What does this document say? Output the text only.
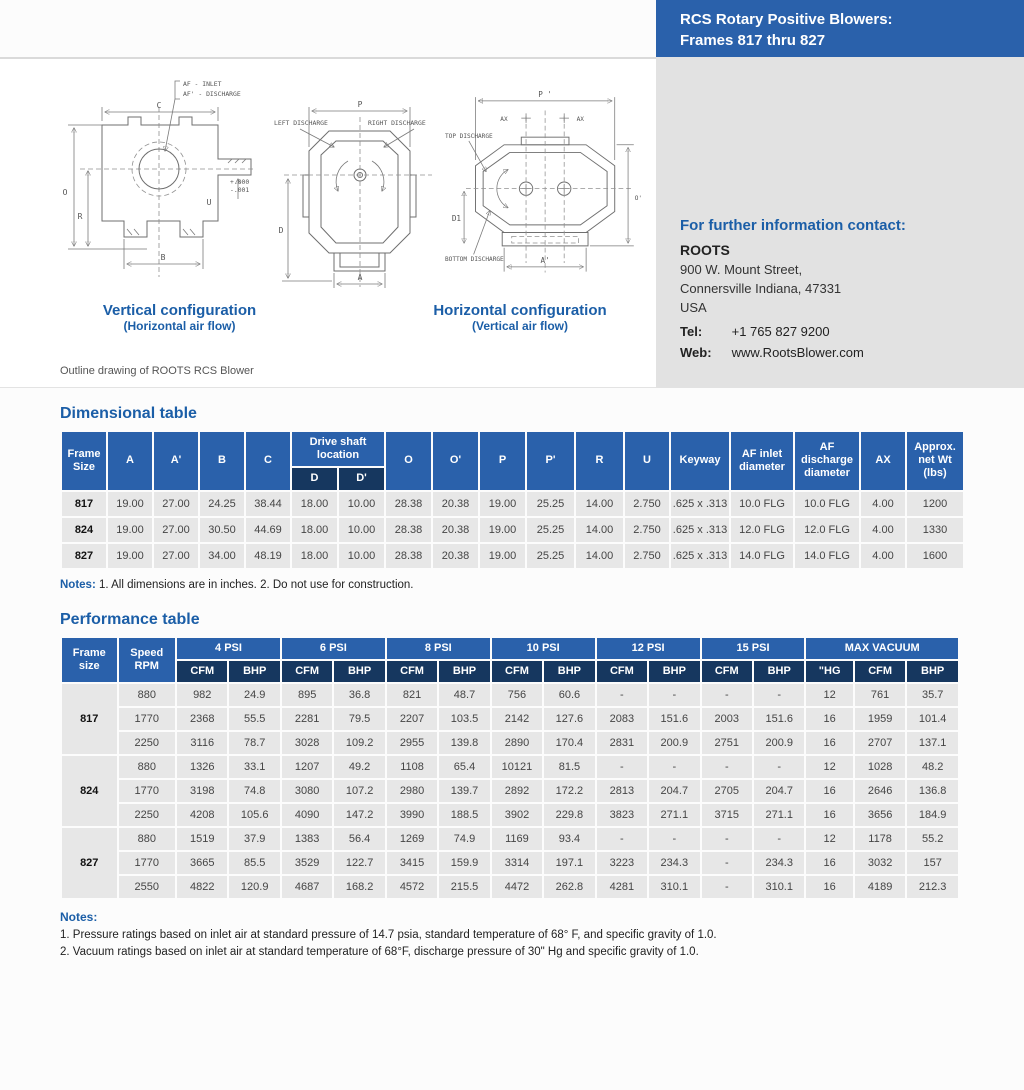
AF - INLET
AF' - DISCHARGE
C
O
R
B
U
+.000
-.001
LEFT DISCHARGE	RIGHT DISCHARGE
P
D
A
AX	AX
P '
O'
D1
A'
TOP DISCHARGE
BOTTOM DISCHARGE
Vertical configuration
(Horizontal air flow)
Horizontal configuration
(Vertical air flow)
Outline drawing of ROOTS RCS Blower
RCS Rotary Positive Blowers:
Frames 817 thru 827
For further information contact:
ROOTS
900 W. Mount Street,
Connersville Indiana, 47331
USA
Tel: +1 765 827 9200
Web: www.RootsBlower.com
Dimensional table
Frame Size	A	A'	B	C	Drive shaft location		O	O'	P	P'	R	U	Keyway	AF inlet diameter	AF discharge diameter	AX	Approx. net Wt (lbs)
					D	D'											
817	19.00	27.00	24.25	38.44	18.00	10.00	28.38	20.38	19.00	25.25	14.00	2.750	.625 x .313	10.0 FLG	10.0 FLG	4.00	1200
824	19.00	27.00	30.50	44.69	18.00	10.00	28.38	20.38	19.00	25.25	14.00	2.750	.625 x .313	12.0 FLG	12.0 FLG	4.00	1330
827	19.00	27.00	34.00	48.19	18.00	10.00	28.38	20.38	19.00	25.25	14.00	2.750	.625 x .313	14.0 FLG	14.0 FLG	4.00	1600

Notes: 1. All dimensions are in inches. 2. Do not use for construction.

Performance table
Frame size	Speed RPM	4 PSI		6 PSI		8 PSI		10 PSI		12 PSI		15 PSI		MAX VACUUM		
		CFM	BHP	CFM	BHP	CFM	BHP	CFM	BHP	CFM	BHP	CFM	BHP	"HG	CFM	BHP
817	880	982	24.9	895	36.8	821	48.7	756	60.6	-	-	-	-	12	761	35.7
	1770	2368	55.5	2281	79.5	2207	103.5	2142	127.6	2083	151.6	2003	151.6	16	1959	101.4
	2250	3116	78.7	3028	109.2	2955	139.8	2890	170.4	2831	200.9	2751	200.9	16	2707	137.1
824	880	1326	33.1	1207	49.2	1108	65.4	10121	81.5	-	-	-	-	12	1028	48.2
	1770	3198	74.8	3080	107.2	2980	139.7	2892	172.2	2813	204.7	2705	204.7	16	2646	136.8
	2250	4208	105.6	4090	147.2	3990	188.5	3902	229.8	3823	271.1	3715	271.1	16	3656	184.9
827	880	1519	37.9	1383	56.4	1269	74.9	1169	93.4	-	-	-	-	12	1178	55.2
	1770	3665	85.5	3529	122.7	3415	159.9	3314	197.1	3223	234.3	-	234.3	16	3032	157
	2550	4822	120.9	4687	168.2	4572	215.5	4472	262.8	4281	310.1	-	310.1	16	4189	212.3
Notes:
1. Pressure ratings based on inlet air at standard pressure of 14.7 psia, standard temperature of 68° F, and specific gravity of 1.0.
2. Vacuum ratings based on inlet air at standard temperature of 68°F, discharge pressure of 30" Hg and specific gravity of 1.0.
